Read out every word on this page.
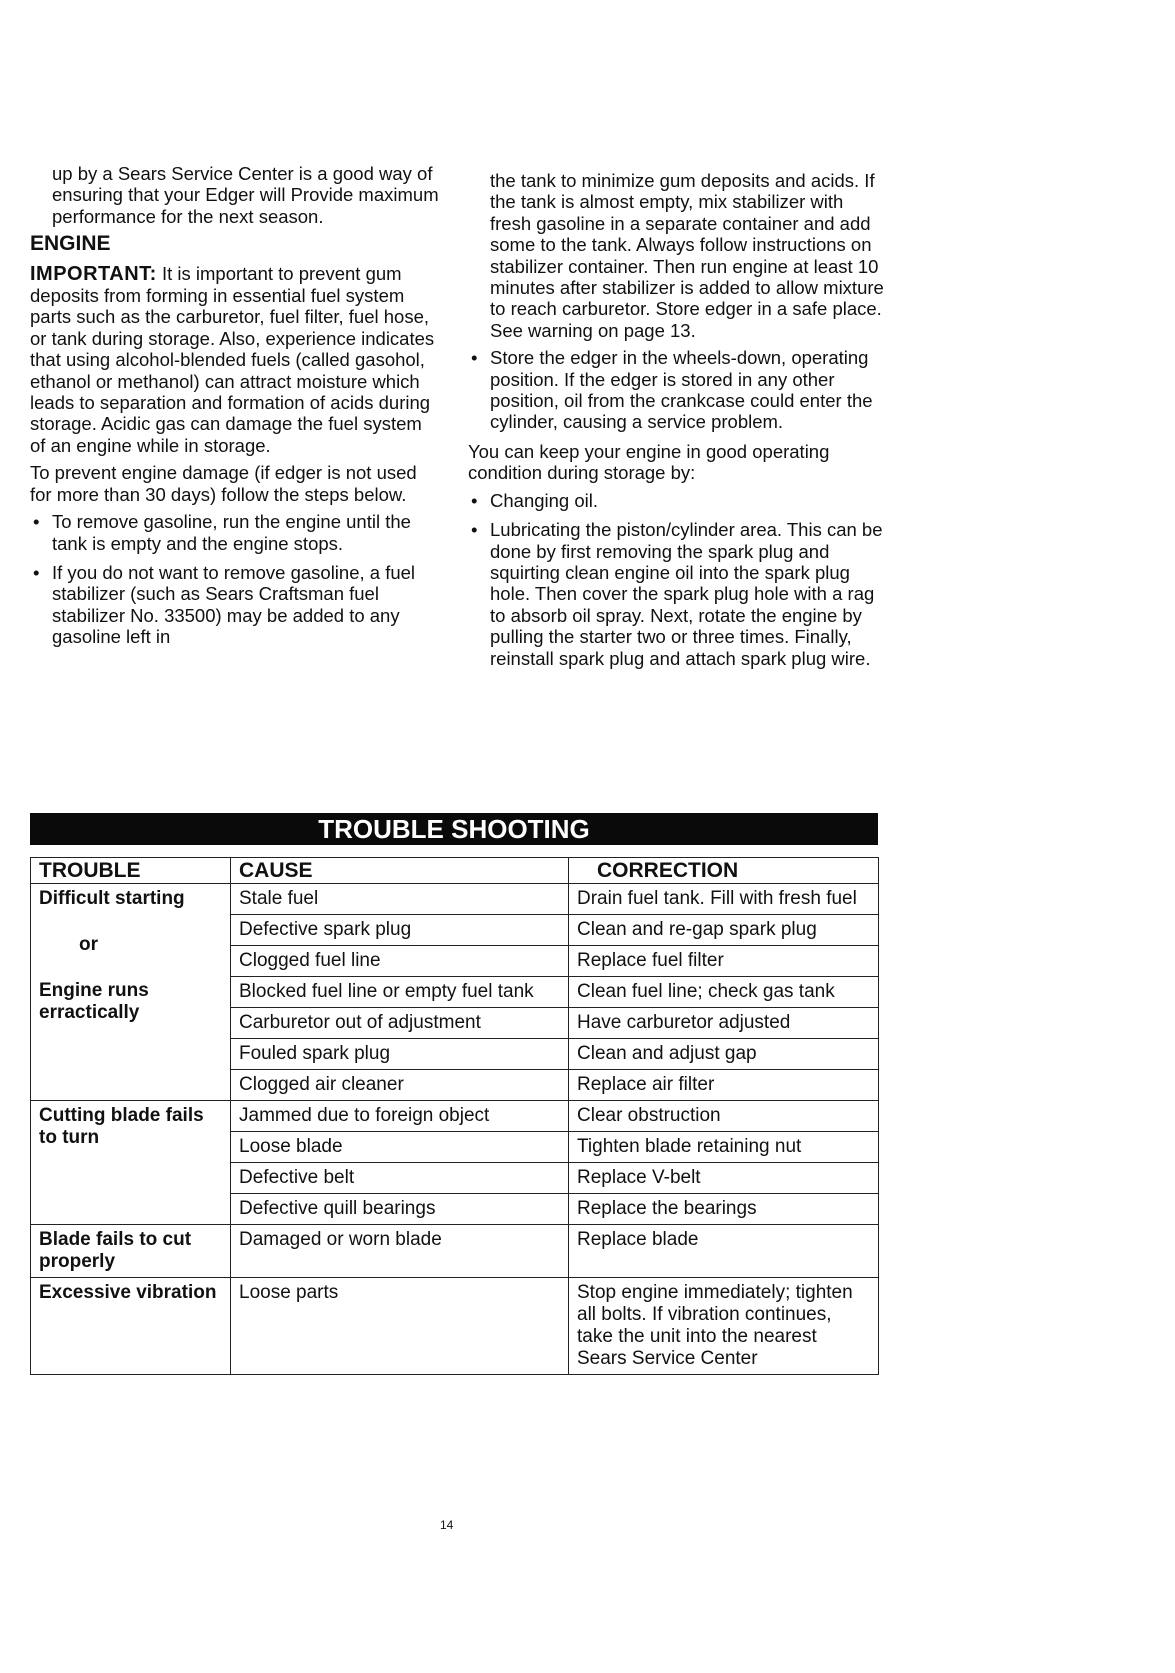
up by a Sears Service Center is a good way of ensuring that your Edger will Provide maximum performance for the next season.

ENGINE

IMPORTANT: It is important to prevent gum deposits from forming in essential fuel system parts such as the carburetor, fuel filter, fuel hose, or tank during storage. Also, experience indicates that using alcohol-blended fuels (called gasohol, ethanol or methanol) can attract moisture which leads to separation and formation of acids during storage. Acidic gas can damage the fuel system of an engine while in storage.

To prevent engine damage (if edger is not used for more than 30 days) follow the steps below.

• To remove gasoline, run the engine until the tank is empty and the engine stops.
• If you do not want to remove gasoline, a fuel stabilizer (such as Sears Craftsman fuel stabilizer No. 33500) may be added to any gasoline left in

the tank to minimize gum deposits and acids. If the tank is almost empty, mix stabilizer with fresh gasoline in a separate container and add some to the tank. Always follow instructions on stabilizer container. Then run engine at least 10 minutes after stabilizer is added to allow mixture to reach carburetor. Store edger in a safe place. See warning on page 13.

• Store the edger in the wheels-down, operating position. If the edger is stored in any other position, oil from the crankcase could enter the cylinder, causing a service problem.

You can keep your engine in good operating condition during storage by:

• Changing oil.
• Lubricating the piston/cylinder area. This can be done by first removing the spark plug and squirting clean engine oil into the spark plug hole. Then cover the spark plug hole with a rag to absorb oil spray. Next, rotate the engine by pulling the starter two or three times. Finally, reinstall spark plug and attach spark plug wire.
TROUBLE SHOOTING
TROUBLE	CAUSE	CORRECTION

Difficult starting
or
Engine runs erractically	Stale fuel	Drain fuel tank. Fill with fresh fuel
	Defective spark plug	Clean and re-gap spark plug
	Clogged fuel line	Replace fuel filter
	Blocked fuel line or empty fuel tank	Clean fuel line; check gas tank
	Carburetor out of adjustment	Have carburetor adjusted
	Fouled spark plug	Clean and adjust gap
	Clogged air cleaner	Replace air filter

Cutting blade fails to turn	Jammed due to foreign object	Clear obstruction
	Loose blade	Tighten blade retaining nut
	Defective belt	Replace V-belt
	Defective quill bearings	Replace the bearings

Blade fails to cut properly	Damaged or worn blade	Replace blade

Excessive vibration	Loose parts	Stop engine immediately; tighten all bolts. If vibration continues, take the unit into the nearest Sears Service Center
14
